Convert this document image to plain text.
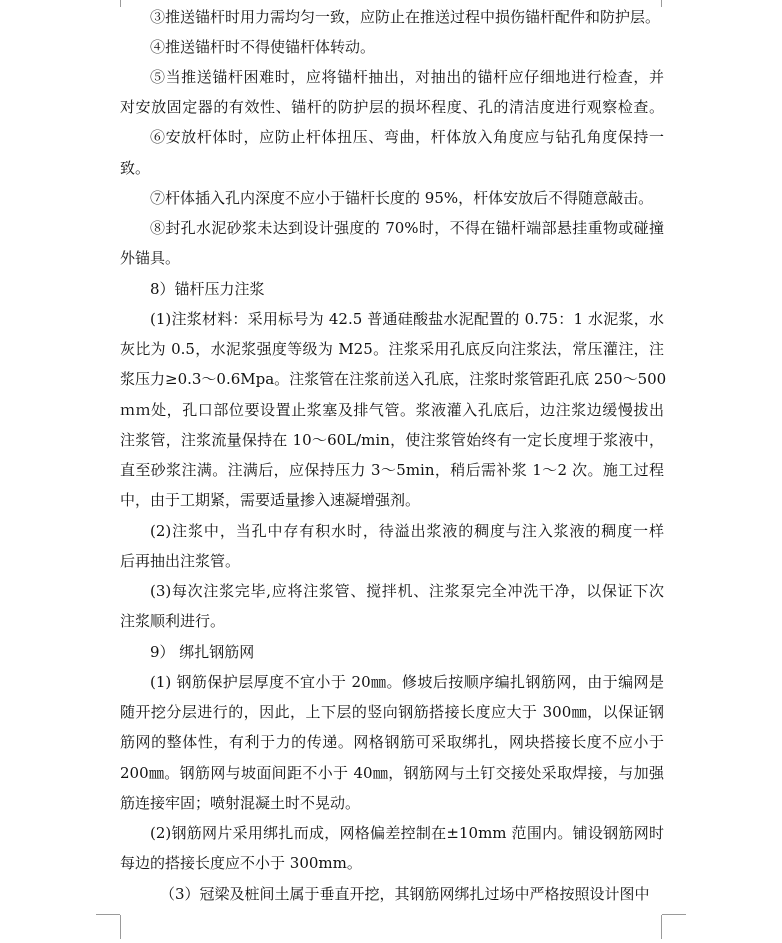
③推送锚杆时用力需均匀一致，应防止在推送过程中损伤锚杆配件和防护层。
④推送锚杆时不得使锚杆体转动。
⑤当推送锚杆困难时，应将锚杆抽出，对抽出的锚杆应仔细地进行检查，并
对安放固定器的有效性、锚杆的防护层的损坏程度、孔的清洁度进行观察检查。
⑥安放杆体时，应防止杆体扭压、弯曲，杆体放入角度应与钻孔角度保持一
致。
⑦杆体插入孔内深度不应小于锚杆长度的 95%，杆体安放后不得随意敲击。
⑧封孔水泥砂浆未达到设计强度的 70%时，不得在锚杆端部悬挂重物或碰撞
外锚具。
8）锚杆压力注浆
(1)注浆材料：采用标号为 42.5 普通硅酸盐水泥配置的 0.75：1 水泥浆，水
灰比为 0.5，水泥浆强度等级为 M25。注浆采用孔底反向注浆法，常压灌注，注
浆压力≥0.3～0.6Mpa。注浆管在注浆前送入孔底，注浆时浆管距孔底 250～500
ｍｍ处，孔口部位要设置止浆塞及排气管。浆液灌入孔底后，边注浆边缓慢拔出
注浆管，注浆流量保持在 10～60L/min，使注浆管始终有一定长度埋于浆液中，
直至砂浆注满。注满后，应保持压力 3～5min，稍后需补浆 1～2 次。施工过程
中，由于工期紧，需要适量掺入速凝增强剂。
(2)注浆中，当孔中存有积水时，待溢出浆液的稠度与注入浆液的稠度一样
后再抽出注浆管。
(3)每次注浆完毕,应将注浆管、搅拌机、注浆泵完全冲洗干净，以保证下次
注浆顺利进行。
9） 绑扎钢筋网
(1) 钢筋保护层厚度不宜小于 20㎜。修坡后按顺序编扎钢筋网，由于编网是
随开挖分层进行的，因此，上下层的竖向钢筋搭接长度应大于 300㎜，以保证钢
筋网的整体性，有利于力的传递。网格钢筋可采取绑扎，网块搭接长度不应小于
200㎜。钢筋网与坡面间距不小于 40㎜，钢筋网与土钉交接处采取焊接，与加强
筋连接牢固；喷射混凝土时不晃动。
(2)钢筋网片采用绑扎而成，网格偏差控制在±10mm 范围内。铺设钢筋网时
每边的搭接长度应不小于 300mm。
（3）冠梁及桩间土属于垂直开挖，其钢筋网绑扎过场中严格按照设计图中
